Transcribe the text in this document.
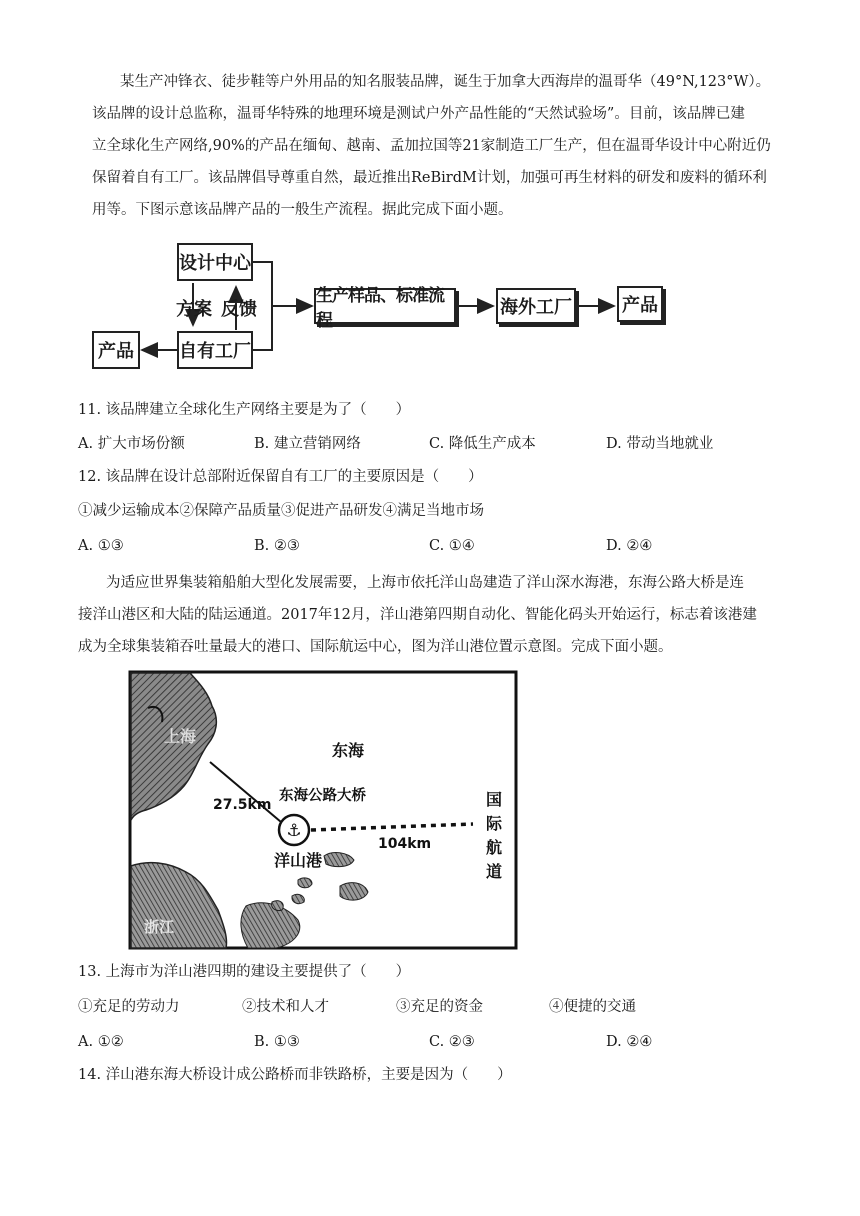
某生产冲锋衣、徒步鞋等户外用品的知名服装品牌，诞生于加拿大西海岸的温哥华（49°N,123°W）。
该品牌的设计总监称，温哥华特殊的地理环境是测试户外产品性能的“天然试验场”。目前，该品牌已建
立全球化生产网络,90%的产品在缅甸、越南、孟加拉国等21家制造工厂生产，但在温哥华设计中心附近仍
保留着自有工厂。该品牌倡导尊重自然，最近推出ReBirdM计划，加强可再生材料的研发和废料的循环利
用等。下图示意该品牌产品的一般生产流程。据此完成下面小题。
设计中心
方案 反馈
自有工厂
产品
生产样品、标准流程
海外工厂	产品
11. 该品牌建立全球化生产网络主要是为了（　　）
A. 扩大市场份额	B. 建立营销网络	C. 降低生产成本	D. 带动当地就业
12. 该品牌在设计总部附近保留自有工厂的主要原因是（　　）
①减少运输成本②保障产品质量③促进产品研发④满足当地市场
A. ①③	B. ②③	C. ①④	D. ②④
为适应世界集装箱船舶大型化发展需要，上海市依托洋山岛建造了洋山深水海港，东海公路大桥是连
接洋山港区和大陆的陆运通道。2017年12月，洋山港第四期自动化、智能化码头开始运行，标志着该港建
成为全球集装箱吞吐量最大的港口、国际航运中心，图为洋山港位置示意图。完成下面小题。
⚓
上海
东海
东海公路大桥
27.5km
104km
洋山港
国
际
航
道
浙江
13. 上海市为洋山港四期的建设主要提供了（　　）
①充足的劳动力	②技术和人才	③充足的资金	④便捷的交通
A. ①②	B. ①③	C. ②③	D. ②④
14. 洋山港东海大桥设计成公路桥而非铁路桥，主要是因为（　　）
